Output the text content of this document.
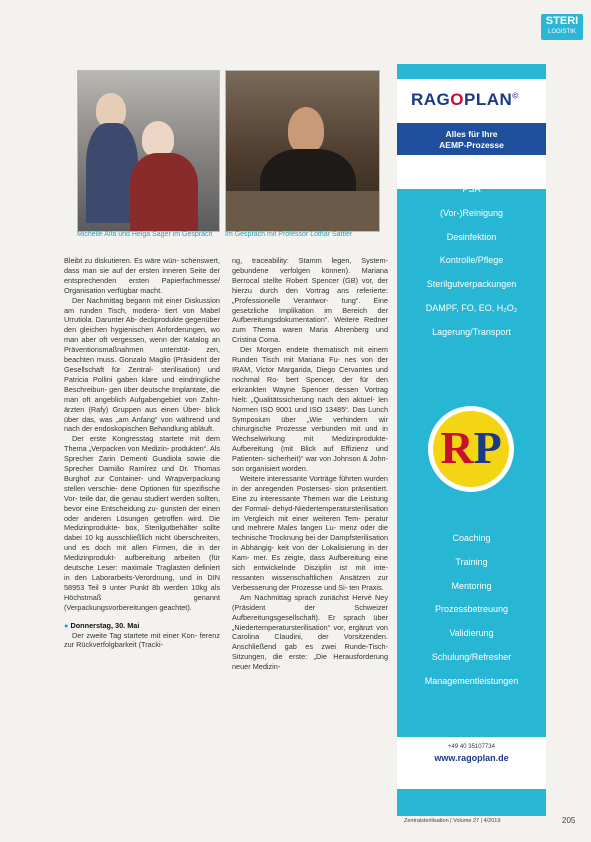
STERI
LOGISTIK
Michelle Alfa und Helga Sager im Gespräch Im Gespräch mit Professor Lothar Sattler

Bleibt zu diskutieren. Es wäre wün- schenswert, dass man sie auf der ersten inneren Seite der entsprechenden ersten Papierfachmesse/ Organisation verfügbar macht.

Der Nachmittag begann mit einer Diskussion am runden Tisch, modera- tiert von Mabel Urrutiola. Darunter Ab- deckprodukte gegenüber den gleichen hygienischen Anforderungen, wo man aber oft vergessen, wenn der Katalog an Präventionsmaßnahmen unterstüt- zen, beachten muss. Gonzalo Maglio (Präsident der Gesellschaft für Zentral- sterilisation) und Patricia Pollini gaben klare und eindringliche Beschreibun- gen über deutsche Implantate, die man oft angeblich Aufgabengebiet von Zahn- ärzten (Rafy) Gruppen aus einen Über- blick über das, was „am Anfang“ von während und nach der endoskopischen Behandlung abläuft.

Der erste Kongresstag startete mit dem Thema „Verpacken von Medizin- produkten“. Als Sprecher Zarin Dementi Guadiola sowie die Sprecher Damião Ramírez und Dr. Thomas Burghof zur Container- und Wrapverpackung stellen verschie- dene Optionen für spezifische Vor- teile dar, die genau studiert werden sollten, bevor eine Entscheidung zu- gunsten der einen oder anderen Lösungen getroffen wird. Die Medizinprodukte- box, Sterilgutbehälter sollte dabei 10 kg ausschließlich nicht überschreiten, und es doch mit allen Firmen, die in der Medizinprodukt- aufbereitung arbeiten (für deutsche Leser: maximale Traglasten definiert in den Laborarbeits-Verordnung, und in DIN 58953 Teil 9 unter Punkt 8b werden 10kg als Höchstmaß genannt (Verpackungsvorbereitungen geachtet).

● Donnerstag, 30. Mai

Der zweite Tag startete mit einer Kon- ferenz zur Rückverfolgbarkeit (Tracki-

ng, traceability: Stamm legen, System- gebundene verfolgen können). Mariana Berrocal stellte Robert Spencer (GB) vor, der hierzu durch den Vortrag ans referierte: „Professionelle Verantwor- tung“. Eine gesetzliche Implikation im Bereich der Aufbereitungsdokumentation“. Weitere Redner zum Thema waren Maria Ahrenberg und Cristina Coma.

Der Morgen endete thematisch mit einem Runden Tisch mit Mariana Fu- nes von der IRAM, Victor Margarida, Diego Cervantes und nochmal Ro- bert Spencer, der für den erkrankten Wayne Spencer dessen Vortrag hielt: „Qualitätssicherung nach den aktuel- len Normen ISO 9001 und ISO 13485“. Das Lunch Symposium über „Wie verhindern wir chirurgische Prozesse verbunden mit und in Wechselwirkung mit Medizinprodukte-Aufbereitung (mit Blick auf Effizienz und Patienten- sicherheit)“ war von Johnson & John- son organisiert worden.

Weitere interessante Vorträge führten wurden in der anregenden Posterses- sion präsentiert. Eine zu interessante Themen war die Leistung der Formal- dehyd-Niedertemperatursterilisation im Vergleich mit einer weiteren Tem- peratur und mehrere Males langen Lu- menz oder die technische Trocknung bei der Dampfsterilisation in Abhängig- keit von der Lokalisierung in der Kam- mer. Es zeigte, dass Aufbereitung eine sich entwickelnde Disziplin ist mit inte- ressanten wissenschaftlichen Ansätzen zur Verbesserung der Prozesse und Si- ten Praxis.

Am Nachmittag sprach zunächst Hervé Ney (Präsident der Schweizer Aufbereitungsgesellschaft). Er sprach über „Niedertemperatursterilisation“ vor, ergänzt von Carolina Claudini, der Vorsitzenden. Anschließend gab es zwei Runde-Tisch-Sitzungen, die erste: „Die Herausforderung neuer Medizin-

RAGOPLAN©
Alles für Ihre
AEMP-Prozesse
PSA
(Vor-)Reinigung
Desinfektion
Kontrolle/Pflege
Sterilgutverpackungen
DAMPF, FO, EO, H₂O₂
Lagerung/Transport
RP
Coaching
Training
Mentoring
Prozessbetreuung
Validierung
Schulung/Refresher
Managementleistungen
+49 40 35107734
www.ragoplan.de
Zentralsterilisation | Volume 27 | 4/2019	205
